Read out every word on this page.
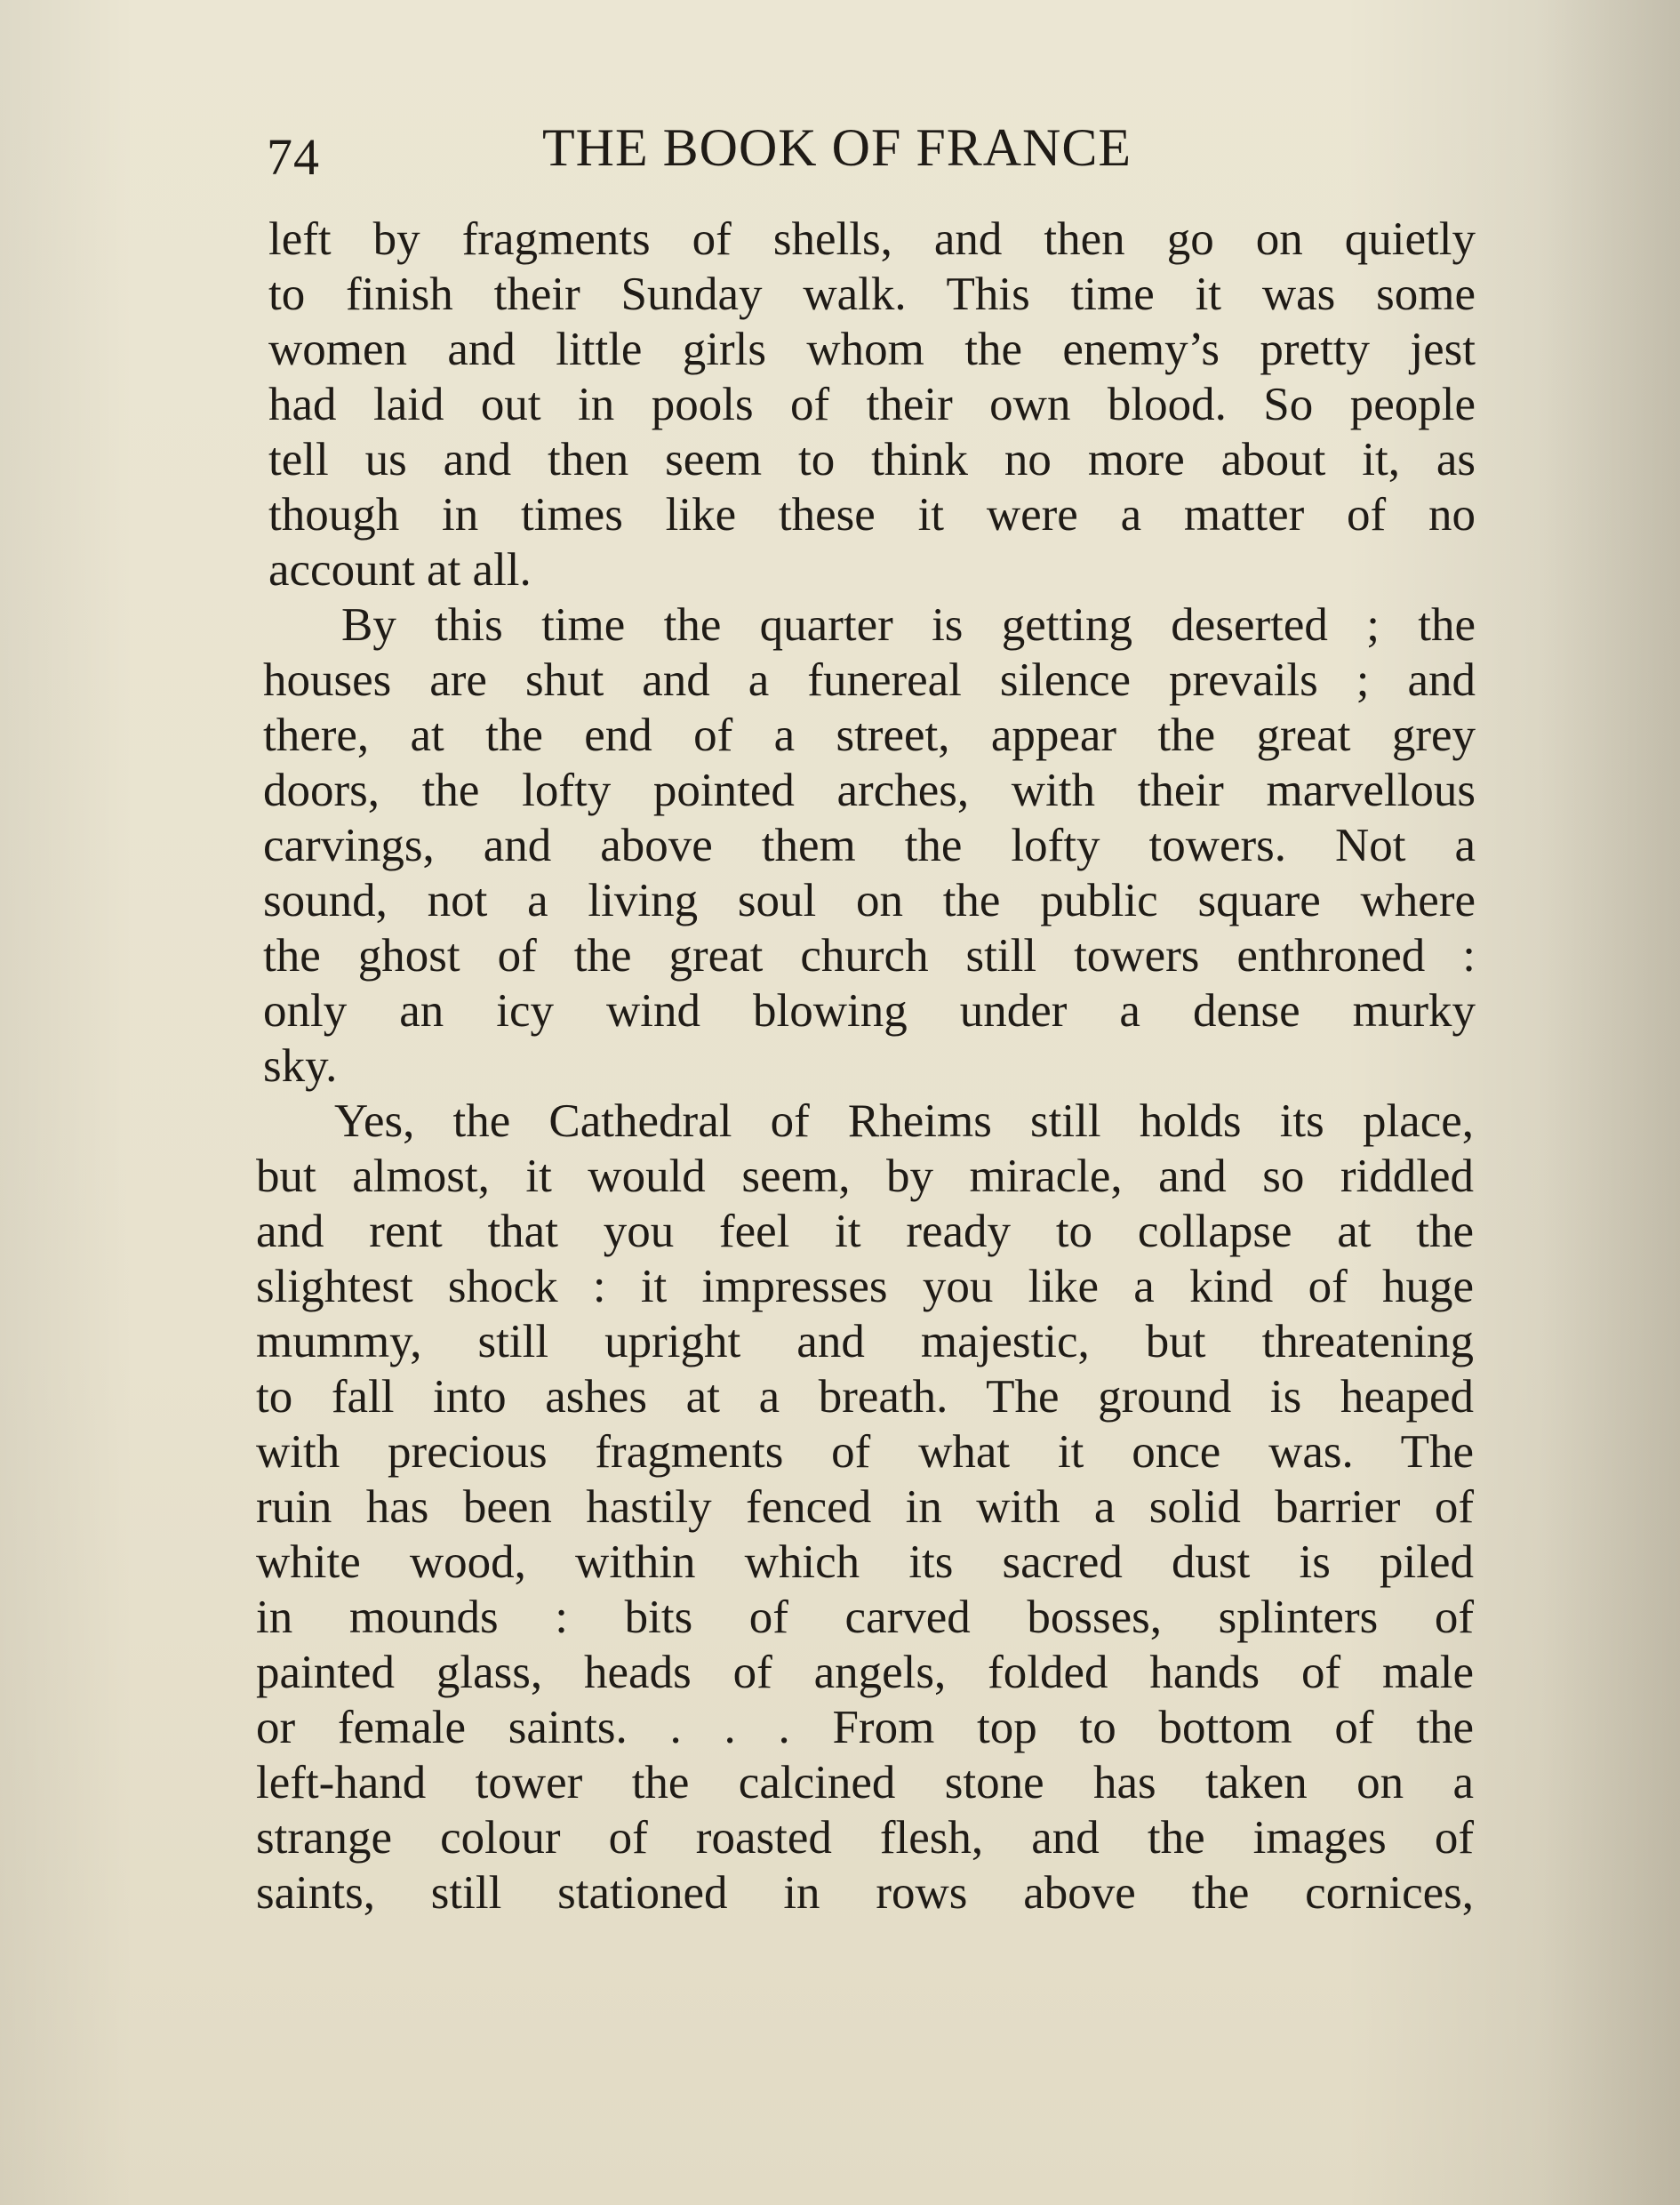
74	THE BOOK OF FRANCE
left by fragments of shells, and then go on quietly
to finish their Sunday walk. This time it was some
women and little girls whom the enemy’s pretty jest
had laid out in pools of their own blood. So people
tell us and then seem to think no more about it, as
though in times like these it were a matter of no
account at all.
By this time the quarter is getting deserted ; the
houses are shut and a funereal silence prevails ; and
there, at the end of a street, appear the great grey
doors, the lofty pointed arches, with their marvellous
carvings, and above them the lofty towers. Not a
sound, not a living soul on the public square where
the ghost of the great church still towers enthroned :
only an icy wind blowing under a dense murky
sky.
Yes, the Cathedral of Rheims still holds its place,
but almost, it would seem, by miracle, and so riddled
and rent that you feel it ready to collapse at the
slightest shock : it impresses you like a kind of huge
mummy, still upright and majestic, but threatening
to fall into ashes at a breath. The ground is heaped
with precious fragments of what it once was. The
ruin has been hastily fenced in with a solid barrier of
white wood, within which its sacred dust is piled
in mounds : bits of carved bosses, splinters of
painted glass, heads of angels, folded hands of male
or female saints. . . . From top to bottom of the
left-hand tower the calcined stone has taken on a
strange colour of roasted flesh, and the images of
saints, still stationed in rows above the cornices,
